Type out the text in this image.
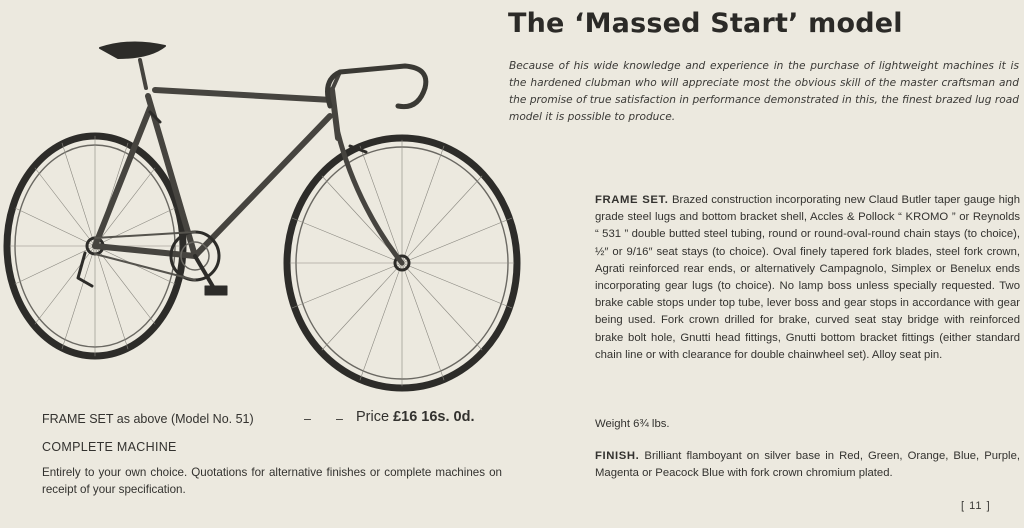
The ‘Massed Start’ model

Because of his wide knowledge and experience in the purchase of lightweight machines it is the hardened clubman who will appreciate most the obvious skill of the master craftsman and the promise of true satisfaction in performance demonstrated in this, the finest brazed lug road model it is possible to produce.

FRAME SET. Brazed construction incorporating new Claud Butler taper gauge high grade steel lugs and bottom bracket shell, Accles & Pollock “ KROMO ” or Reynolds “ 531 ” double butted steel tubing, round or round-oval-round chain stays (to choice), ½″ or 9/16″ seat stays (to choice). Oval finely tapered fork blades, steel fork crown, Agrati reinforced rear ends, or alternatively Campagnolo, Simplex or Benelux ends incorporating gear lugs (to choice). No lamp boss unless specially requested. Two brake cable stops under top tube, lever boss and gear stops in accordance with gear being used. Fork crown drilled for brake, curved seat stay bridge with reinforced brake bolt hole, Gnutti head fittings, Gnutti bottom bracket fittings (either standard chain line or with clearance for double chainwheel set). Alloy seat pin.

Weight 6¾ lbs.

FINISH. Brilliant flamboyant on silver base in Red, Green, Orange, Blue, Purple, Magenta or Peacock Blue with fork crown chromium plated.

FRAME SET as above (Model No. 51)	– – Price £16 16s. 0d.
COMPLETE MACHINE

Entirely to your own choice. Quotations for alternative finishes or complete machines on receipt of your specification.

[ 11 ]
